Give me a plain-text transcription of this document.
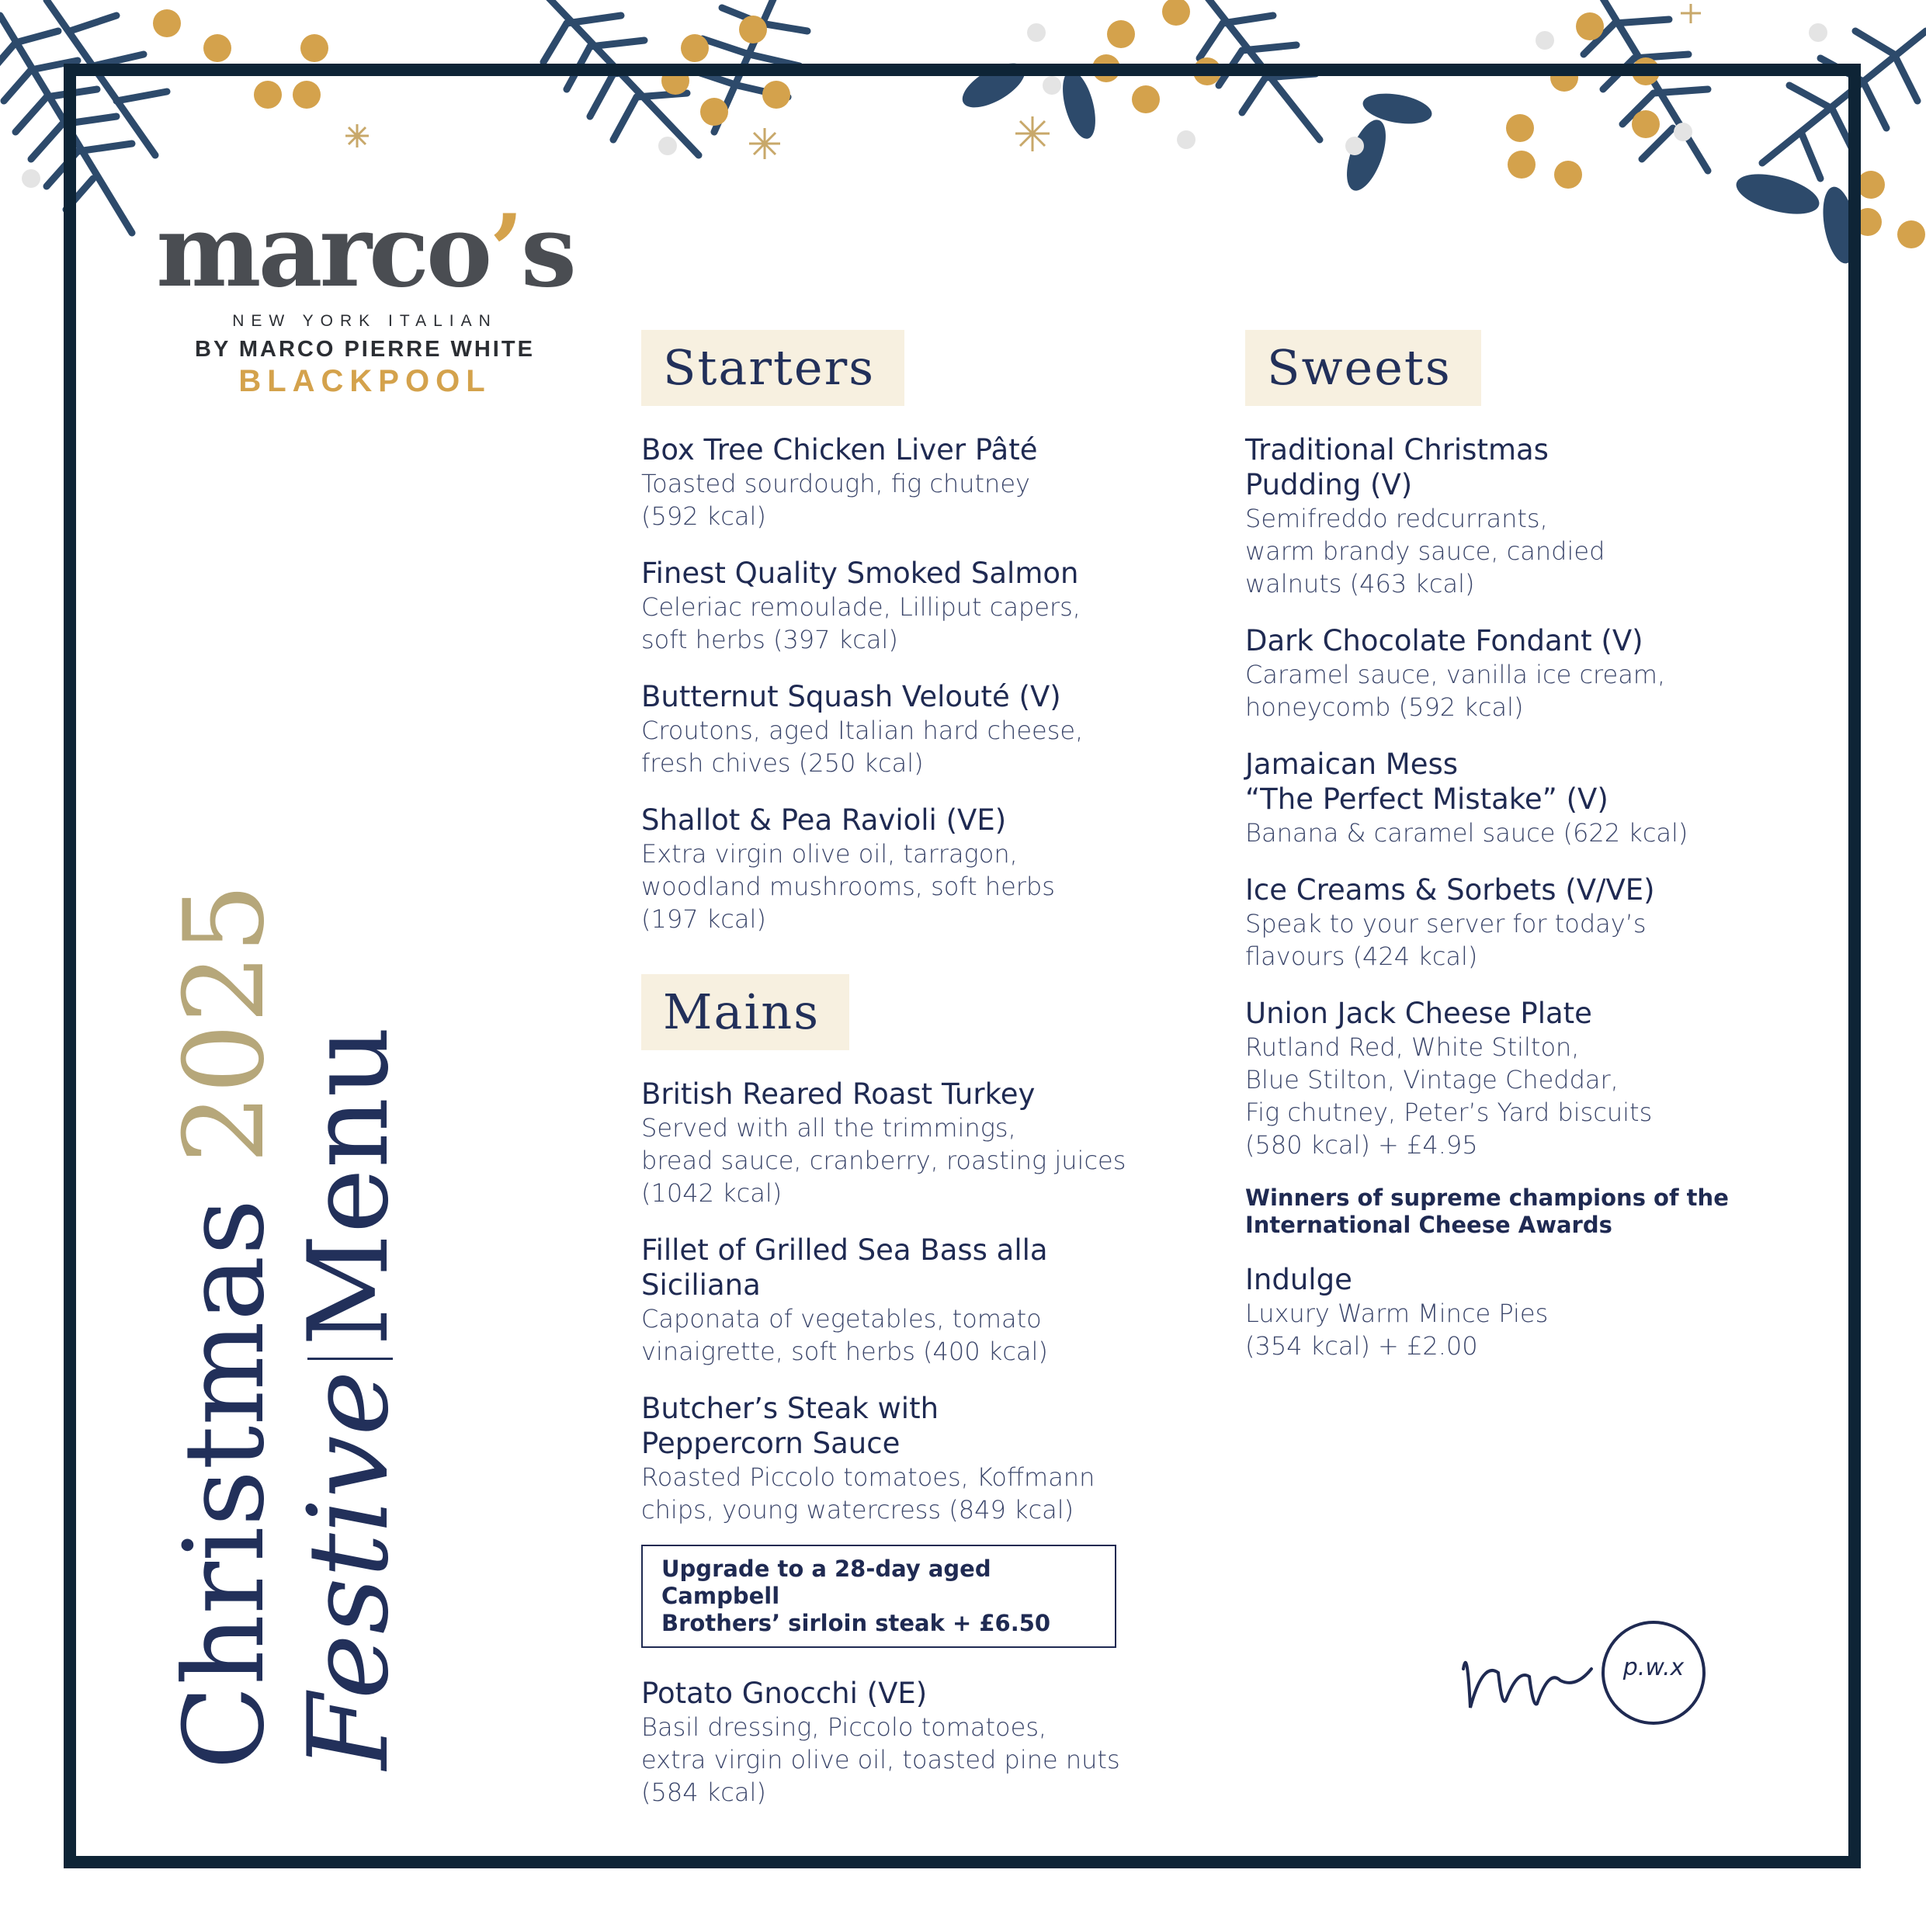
marco’s
NEW YORK ITALIAN
BY MARCO PIERRE WHITE
BLACKPOOL
Christmas 2025
FestiveMenu
Starters
Box Tree Chicken Liver Pâté
Toasted sourdough, fig chutney
(592 kcal)
Finest Quality Smoked Salmon
Celeriac remoulade, Lilliput capers,
soft herbs (397 kcal)
Butternut Squash Velouté (V)
Croutons, aged Italian hard cheese,
fresh chives (250 kcal)
Shallot & Pea Ravioli (VE)
Extra virgin olive oil, tarragon,
woodland mushrooms, soft herbs
(197 kcal)
Mains
British Reared Roast Turkey
Served with all the trimmings,
bread sauce, cranberry, roasting juices
(1042 kcal)
Fillet of Grilled Sea Bass alla
Siciliana
Caponata of vegetables, tomato
vinaigrette, soft herbs (400 kcal)
Butcher’s Steak with
Peppercorn Sauce
Roasted Piccolo tomatoes, Koffmann
chips, young watercress (849 kcal)
Upgrade to a 28-day aged Campbell
Brothers’ sirloin steak + £6.50
Potato Gnocchi (VE)
Basil dressing, Piccolo tomatoes,
extra virgin olive oil, toasted pine nuts
(584 kcal)
Sweets
Traditional Christmas
Pudding (V)
Semifreddo redcurrants,
warm brandy sauce, candied
walnuts (463 kcal)
Dark Chocolate Fondant (V)
Caramel sauce, vanilla ice cream,
honeycomb (592 kcal)
Jamaican Mess
“The Perfect Mistake” (V)
Banana & caramel sauce (622 kcal)
Ice Creams & Sorbets (V/VE)
Speak to your server for today’s
flavours (424 kcal)
Union Jack Cheese Plate
Rutland Red, White Stilton,
Blue Stilton, Vintage Cheddar,
Fig chutney, Peter’s Yard biscuits
(580 kcal) + £4.95
Winners of supreme champions of the
International Cheese Awards
Indulge
Luxury Warm Mince Pies
(354 kcal) + £2.00
p.w.x
